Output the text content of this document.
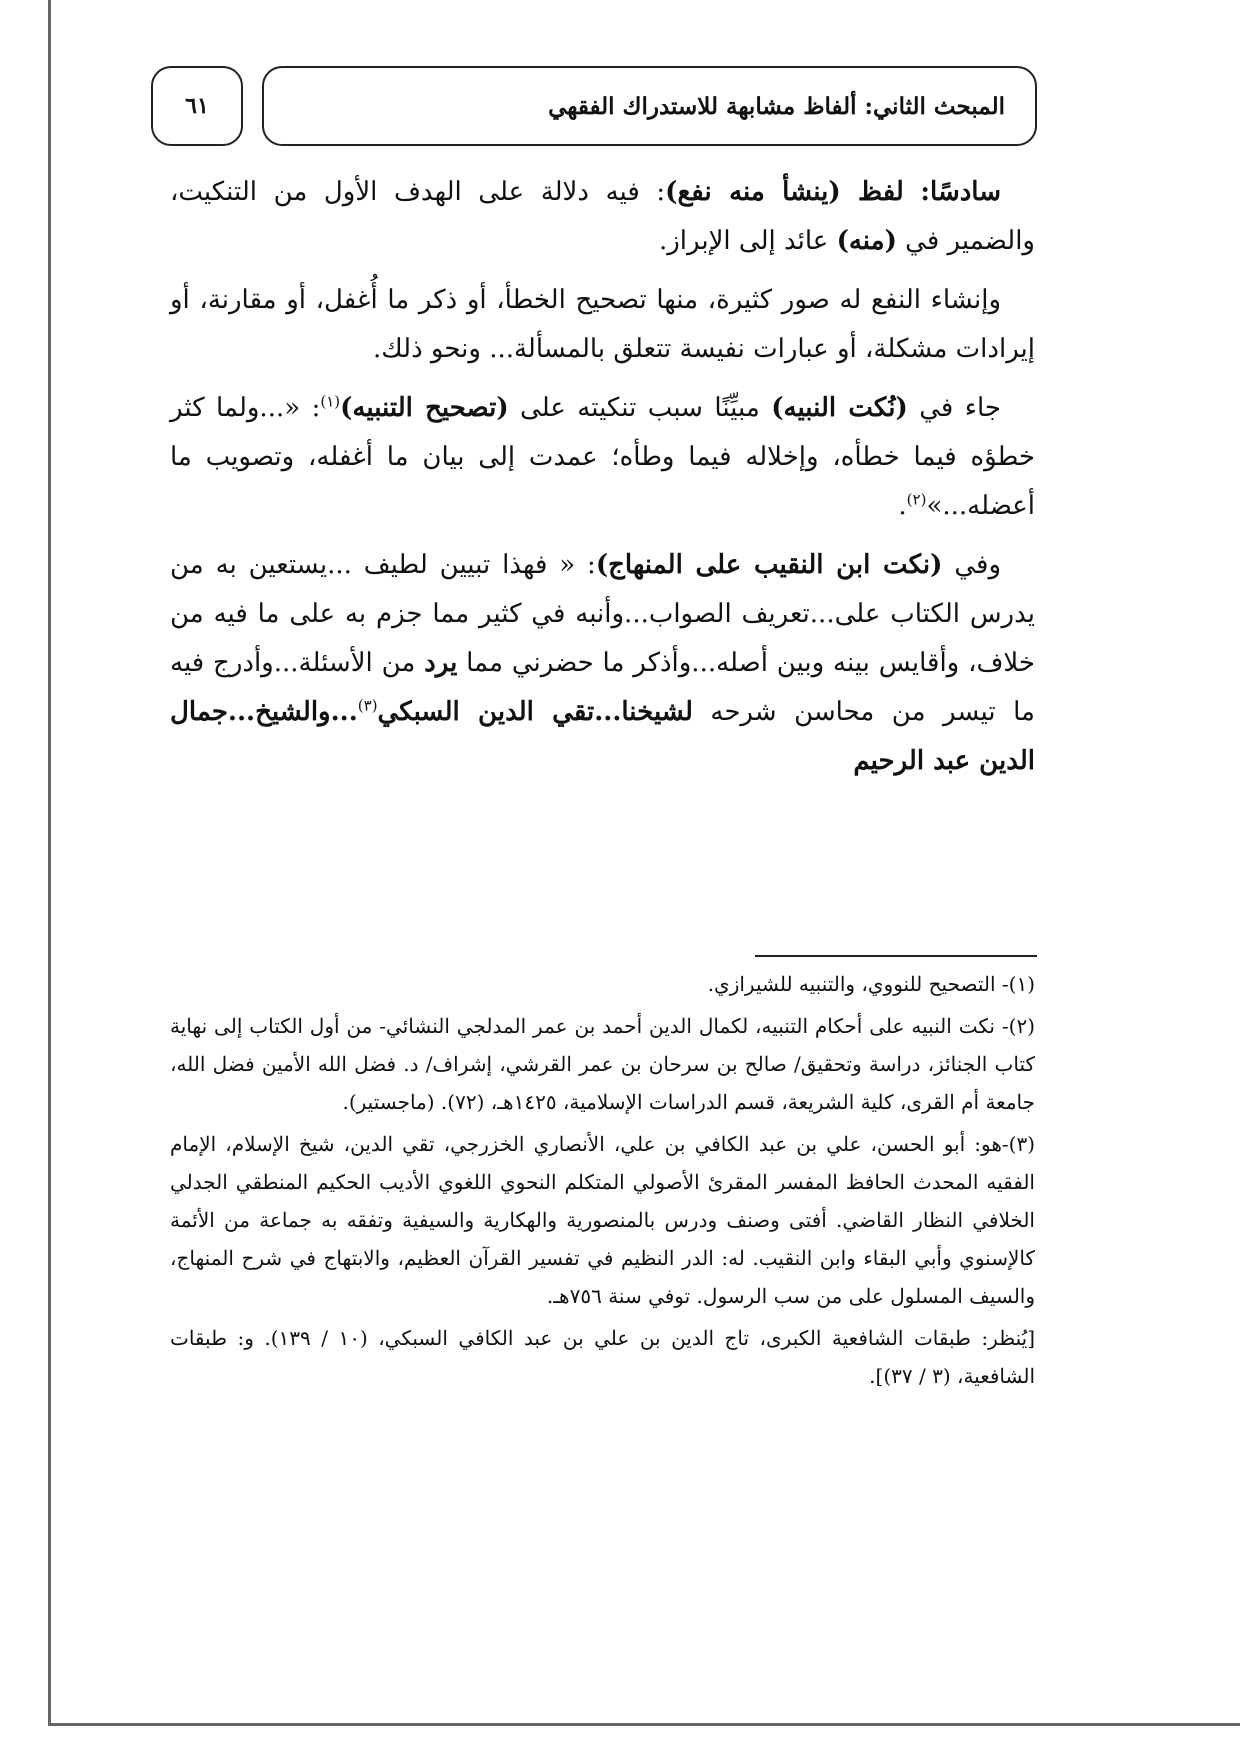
المبحث الثاني: ألفاظ مشابهة للاستدراك الفقهي
٦١

سادسًا: لفظ (ينشأ منه نفع): فيه دلالة على الهدف الأول من التنكيت، والضمير في (منه) عائد إلى الإبراز.

وإنشاء النفع له صور كثيرة، منها تصحيح الخطأ، أو ذكر ما أُغفل، أو مقارنة، أو إيرادات مشكلة، أو عبارات نفيسة تتعلق بالمسألة... ونحو ذلك.

جاء في (نُكت النبيه) مبيِّنًا سبب تنكيته على (تصحيح التنبيه)$^{(١)}$: «...ولما كثر خطؤه فيما خطأه، وإخلاله فيما وطأه؛ عمدت إلى بيان ما أغفله، وتصويب ما أعضله...»$^{(٢)}$.

وفي (نكت ابن النقيب على المنهاج): « فهذا تبيين لطيف ...يستعين به من يدرس الكتاب على...تعريف الصواب...وأنبه في كثير مما جزم به على ما فيه من خلاف، وأقايس بينه وبين أصله...وأذكر ما حضرني مما يرد من الأسئلة...وأدرج فيه ما تيسر من محاسن شرحه لشيخنا...تقي الدين السبكي$^{(٣)}$...والشيخ...جمال الدين عبد الرحيم

(١)- التصحيح للنووي، والتنبيه للشيرازي.

(٢)- نكت النبيه على أحكام التنبيه، لكمال الدين أحمد بن عمر المدلجي النشائي- من أول الكتاب إلى نهاية كتاب الجنائز، دراسة وتحقيق/ صالح بن سرحان بن عمر القرشي، إشراف/ د. فضل الله الأمين فضل الله، جامعة أم القرى، كلية الشريعة، قسم الدراسات الإسلامية، ١٤٢٥هـ، (٧٢). (ماجستير).

(٣)-هو: أبو الحسن، علي بن عبد الكافي بن علي، الأنصاري الخزرجي، تقي الدين، شيخ الإسلام، الإمام الفقيه المحدث الحافظ المفسر المقرئ الأصولي المتكلم النحوي اللغوي الأديب الحكيم المنطقي الجدلي الخلافي النظار القاضي. أفتى وصنف ودرس بالمنصورية والهكارية والسيفية وتفقه به جماعة من الأئمة كالإسنوي وأبي البقاء وابن النقيب. له: الدر النظيم في تفسير القرآن العظيم، والابتهاج في شرح المنهاج، والسيف المسلول على من سب الرسول. توفي سنة ٧٥٦هـ.

[يُنظر: طبقات الشافعية الكبرى، تاج الدين بن علي بن عبد الكافي السبكي، (١٠ / ١٣٩). و: طبقات الشافعية، (٣ / ٣٧)].
